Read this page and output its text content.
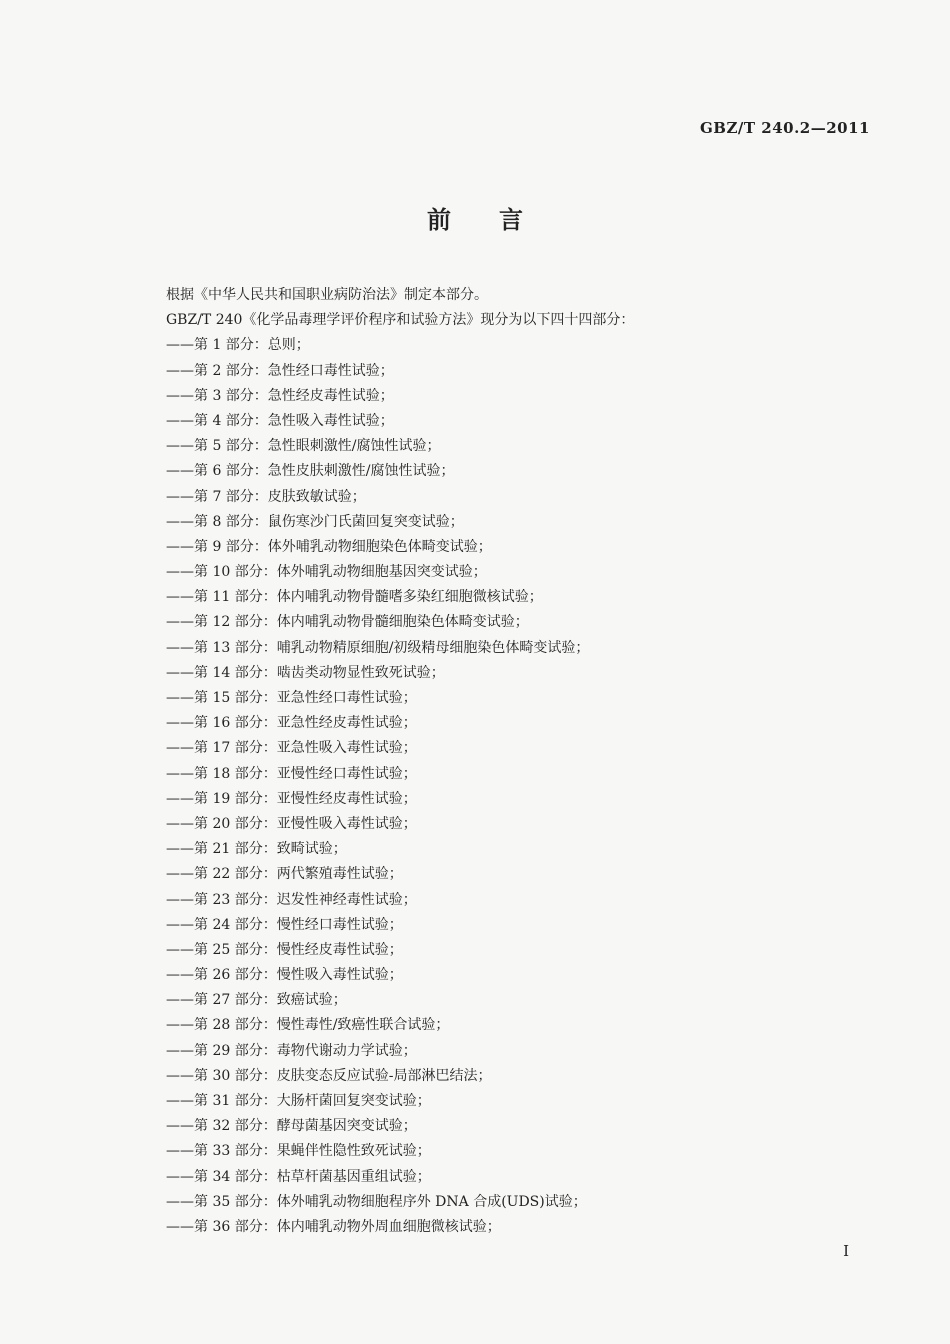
GBZ/T 240.2—2011
前言
根据《中华人民共和国职业病防治法》制定本部分。
GBZ/T 240《化学品毒理学评价程序和试验方法》现分为以下四十四部分：
——第 1 部分：总则；
——第 2 部分：急性经口毒性试验；
——第 3 部分：急性经皮毒性试验；
——第 4 部分：急性吸入毒性试验；
——第 5 部分：急性眼刺激性/腐蚀性试验；
——第 6 部分：急性皮肤刺激性/腐蚀性试验；
——第 7 部分：皮肤致敏试验；
——第 8 部分：鼠伤寒沙门氏菌回复突变试验；
——第 9 部分：体外哺乳动物细胞染色体畸变试验；
——第 10 部分：体外哺乳动物细胞基因突变试验；
——第 11 部分：体内哺乳动物骨髓嗜多染红细胞微核试验；
——第 12 部分：体内哺乳动物骨髓细胞染色体畸变试验；
——第 13 部分：哺乳动物精原细胞/初级精母细胞染色体畸变试验；
——第 14 部分：啮齿类动物显性致死试验；
——第 15 部分：亚急性经口毒性试验；
——第 16 部分：亚急性经皮毒性试验；
——第 17 部分：亚急性吸入毒性试验；
——第 18 部分：亚慢性经口毒性试验；
——第 19 部分：亚慢性经皮毒性试验；
——第 20 部分：亚慢性吸入毒性试验；
——第 21 部分：致畸试验；
——第 22 部分：两代繁殖毒性试验；
——第 23 部分：迟发性神经毒性试验；
——第 24 部分：慢性经口毒性试验；
——第 25 部分：慢性经皮毒性试验；
——第 26 部分：慢性吸入毒性试验；
——第 27 部分：致癌试验；
——第 28 部分：慢性毒性/致癌性联合试验；
——第 29 部分：毒物代谢动力学试验；
——第 30 部分：皮肤变态反应试验-局部淋巴结法；
——第 31 部分：大肠杆菌回复突变试验；
——第 32 部分：酵母菌基因突变试验；
——第 33 部分：果蝇伴性隐性致死试验；
——第 34 部分：枯草杆菌基因重组试验；
——第 35 部分：体外哺乳动物细胞程序外 DNA 合成(UDS)试验；
——第 36 部分：体内哺乳动物外周血细胞微核试验；
I
